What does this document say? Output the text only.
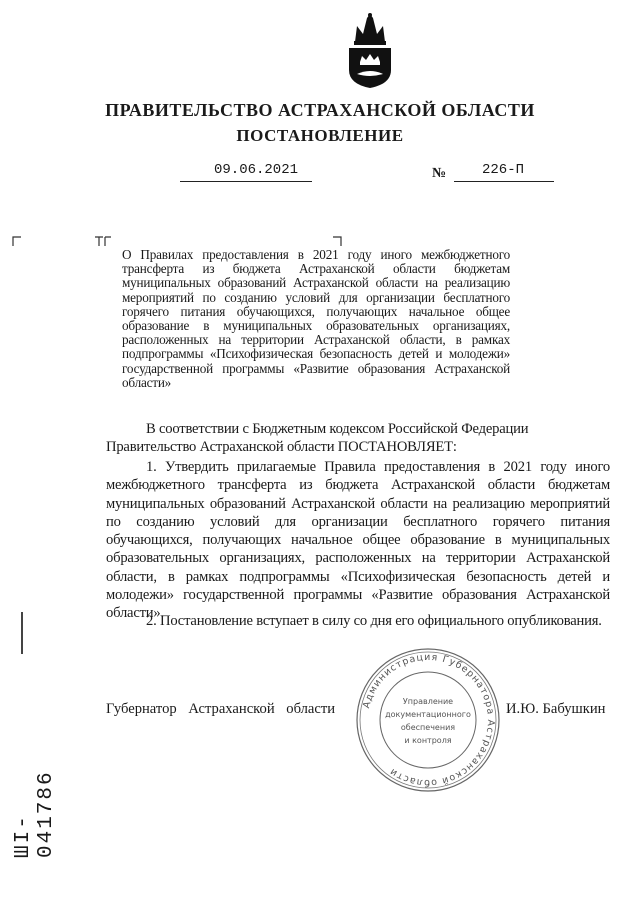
ПРАВИТЕЛЬСТВО АСТРАХАНСКОЙ ОБЛАСТИ
ПОСТАНОВЛЕНИЕ
09.06.2021	№	226-П
О Правилах предоставления в 2021 году иного межбюджетного трансферта из бюджета Астраханской области бюджетам муниципальных образований Астраханской области на реализацию мероприятий по созданию условий для организации бесплатного горячего питания обучающихся, получающих начальное общее образование в муниципальных образовательных организациях, расположенных на территории Астраханской области, в рамках подпрограммы «Психофизическая безопасность детей и молодежи» государственной программы «Развитие образования Астраханской области»
В соответствии с Бюджетным кодексом Российской Федерации
Правительство Астраханской области ПОСТАНОВЛЯЕТ:
1. Утвердить прилагаемые Правила предоставления в 2021 году иного межбюджетного трансферта из бюджета Астраханской области бюджетам муниципальных образований Астраханской области на реализацию мероприятий по созданию условий для организации бесплатного горячего питания обучающихся, получающих начальное общее образование в муниципальных образовательных организациях, расположенных на территории Астраханской области, в рамках подпрограммы «Психофизическая безопасность детей и молодежи» государственной программы «Развитие образования Астраханской области».
2. Постановление вступает в силу со дня его официального опубликования.
Администрация Губернатора Астраханской области
Управление
документационного
обеспечения
и контроля
Губернатор Астраханской области	И.Ю. Бабушкин
ШI-041786
